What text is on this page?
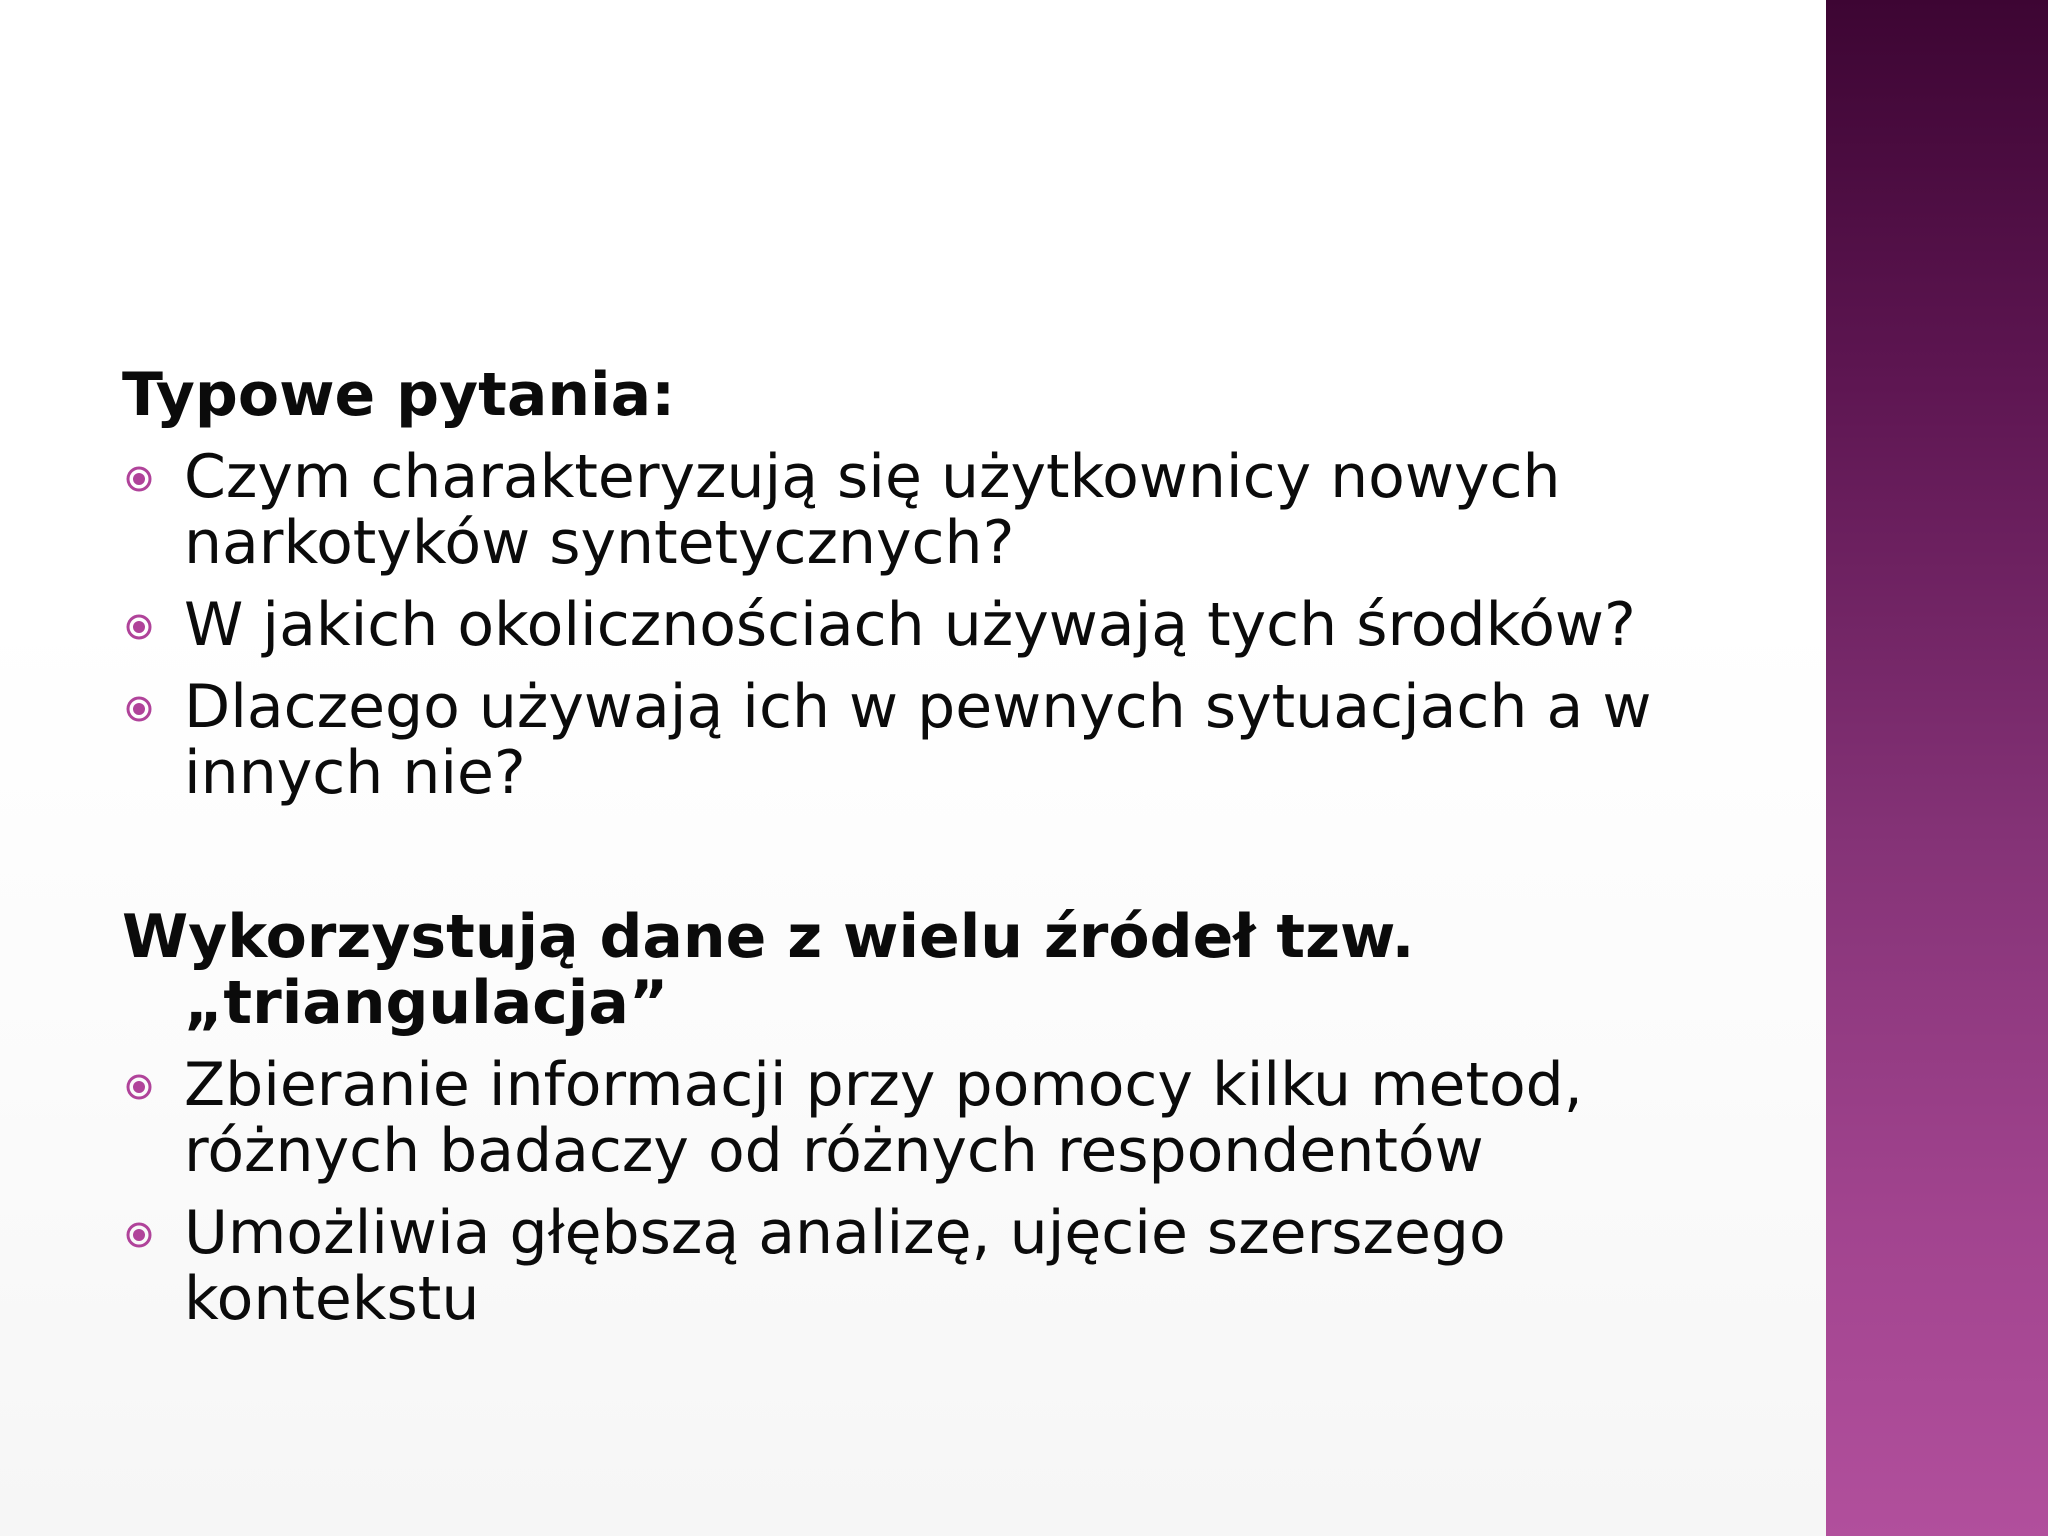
Typowe pytania:

Czym charakteryzują się użytkownicy nowych narkotyków syntetycznych?
W jakich okolicznościach używają tych środków?
Dlaczego używają ich w pewnych sytuacjach a w innych nie?

Wykorzystują dane z wielu źródeł tzw. „triangulacja”

Zbieranie informacji przy pomocy kilku metod, różnych badaczy od różnych respondentów
Umożliwia głębszą analizę, ujęcie szerszego kontekstu
